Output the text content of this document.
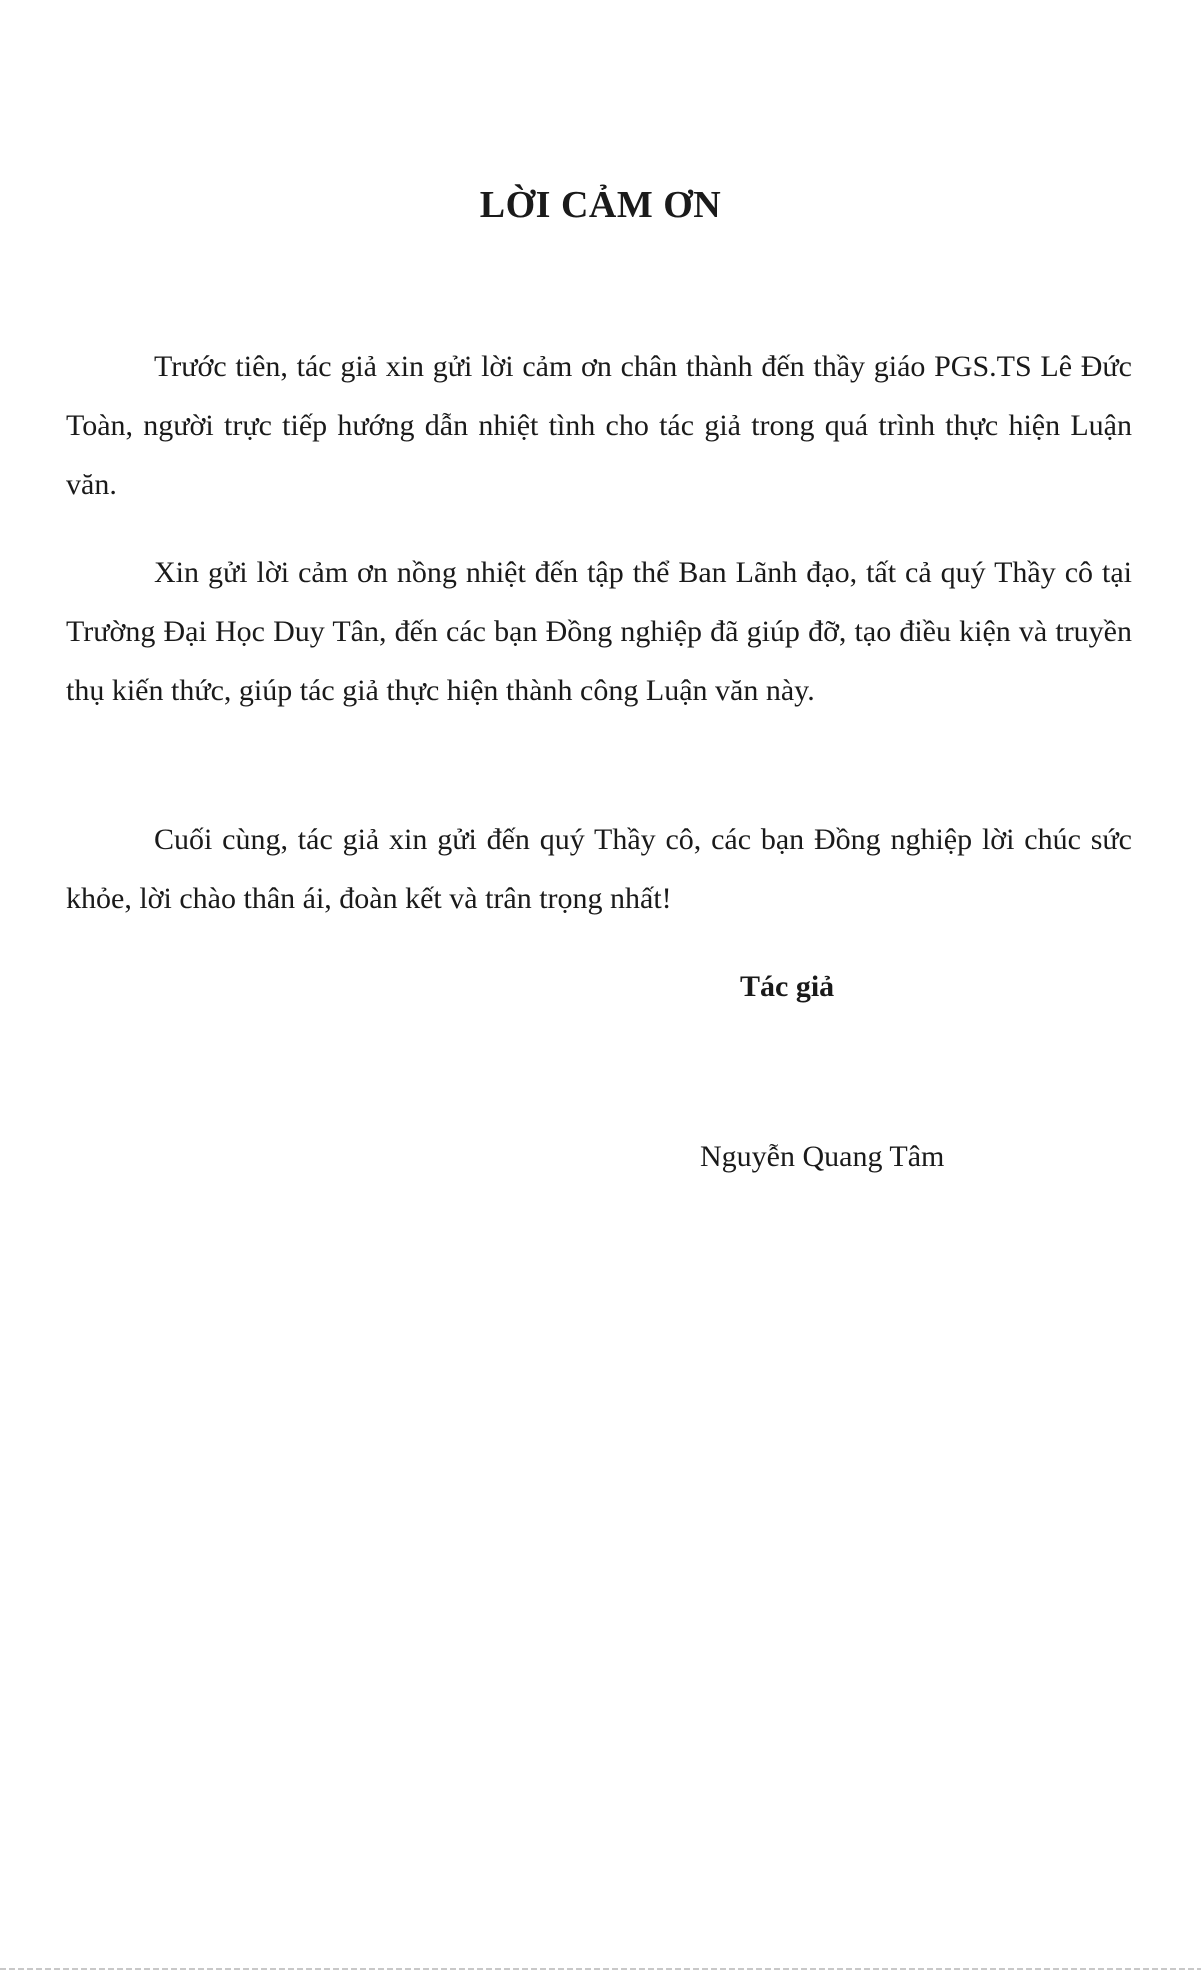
LỜI CẢM ƠN

Trước tiên, tác giả xin gửi lời cảm ơn chân thành đến thầy giáo PGS.TS Lê Đức Toàn, người trực tiếp hướng dẫn nhiệt tình cho tác giả trong quá trình thực hiện Luận văn.

Xin gửi lời cảm ơn nồng nhiệt đến tập thể Ban Lãnh đạo, tất cả quý Thầy cô tại Trường Đại Học Duy Tân, đến các bạn Đồng nghiệp đã giúp đỡ, tạo điều kiện và truyền thụ kiến thức, giúp tác giả thực hiện thành công Luận văn này.

Cuối cùng, tác giả xin gửi đến quý Thầy cô, các bạn Đồng nghiệp lời chúc sức khỏe, lời chào thân ái, đoàn kết và trân trọng nhất!

Tác giả

Nguyễn Quang Tâm
